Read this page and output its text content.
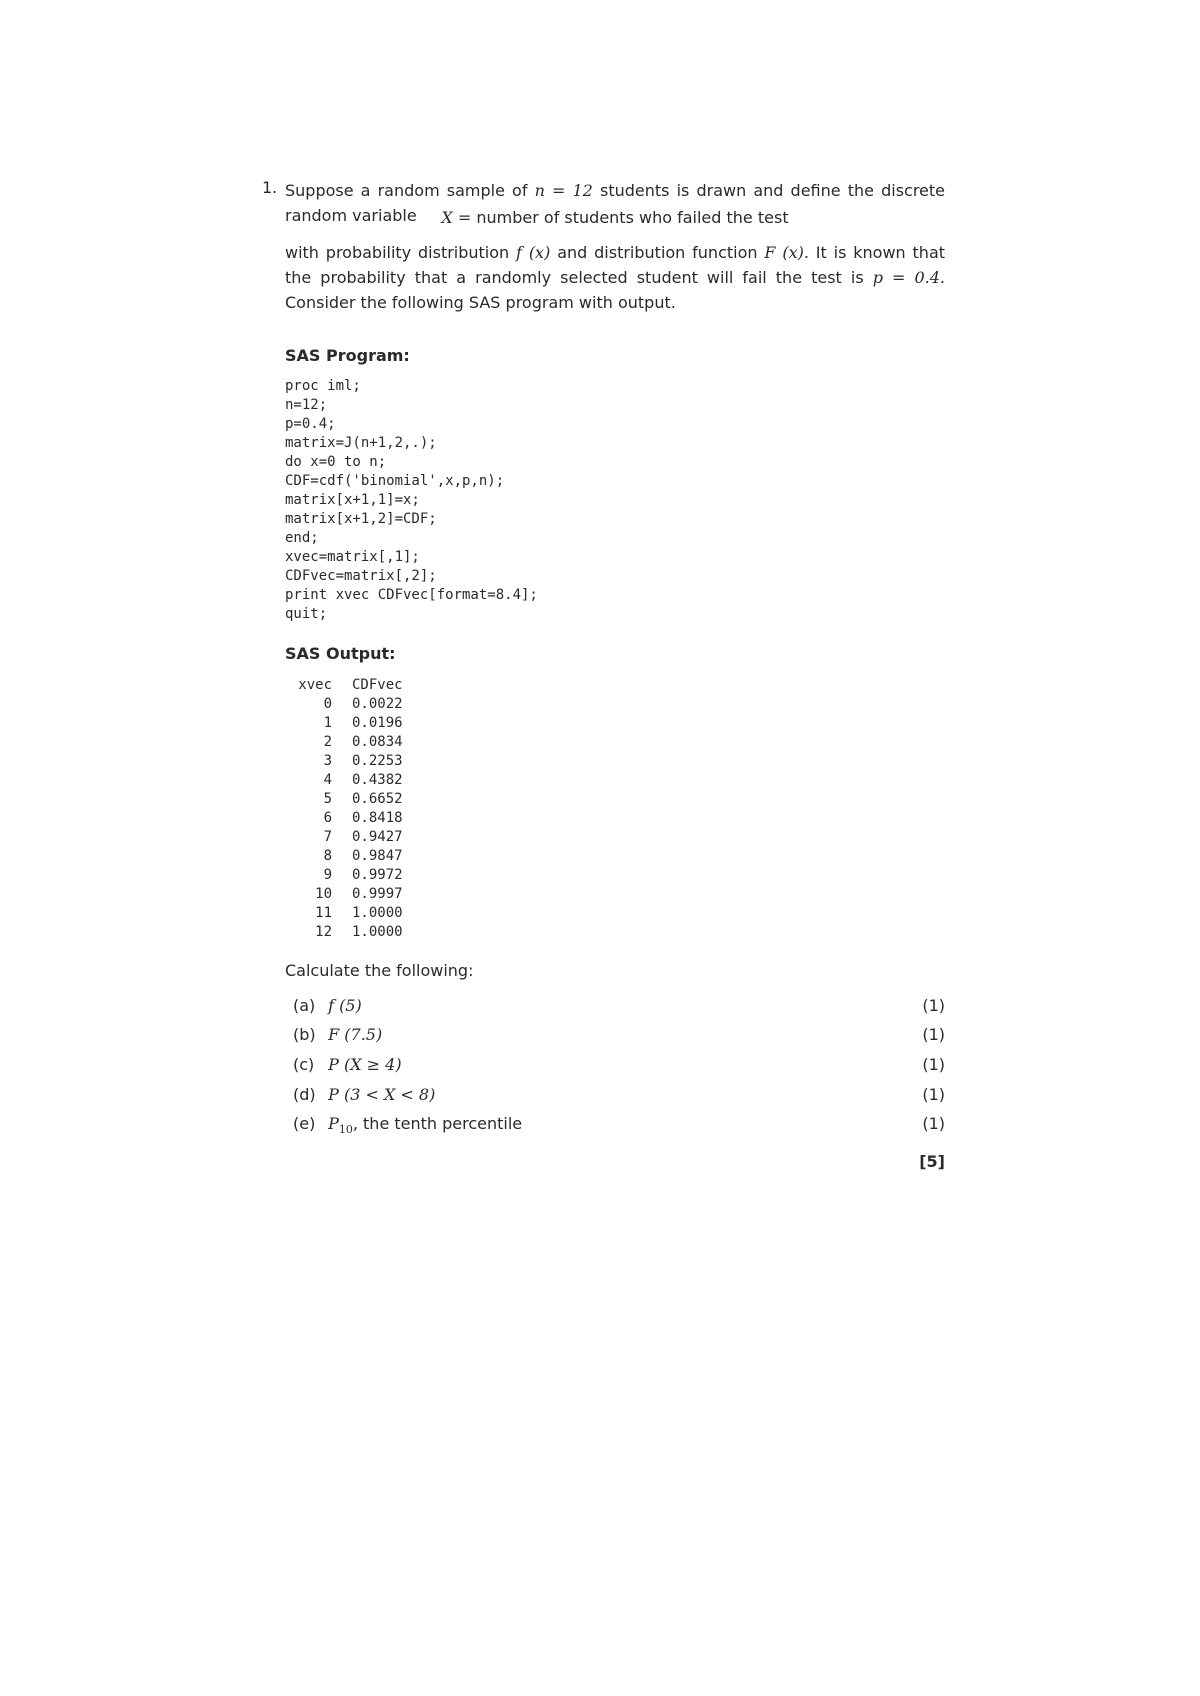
1. Suppose a random sample of n = 12 students is drawn and define the discrete random variable	X = number of students who failed the test
with probability distribution f (x) and distribution function F (x). It is known that the probability that a randomly selected student will fail the test is p = 0.4. Consider the following SAS program with output.
SAS Program:
proc iml;
n=12;
p=0.4;
matrix=J(n+1,2,.);
do x=0 to n;
CDF=cdf('binomial',x,p,n);
matrix[x+1,1]=x;
matrix[x+1,2]=CDF;
end;
xvec=matrix[,1];
CDFvec=matrix[,2];
print xvec CDFvec[format=8.4];
quit;
SAS Output:
xvec		CDFvec
0		0.0022
1		0.0196
2		0.0834
3		0.2253
4		0.4382
5		0.6652
6		0.8418
7		0.9427
8		0.9847
9		0.9972
10		0.9997
11		1.0000
12		1.0000
Calculate the following:
(a) f (5)	(1)
(b) F (7.5)	(1)
(c) P (X ≥ 4)	(1)
(d) P (3 < X < 8)	(1)
(e) $P_{10}$, the tenth percentile	(1)
[5]
